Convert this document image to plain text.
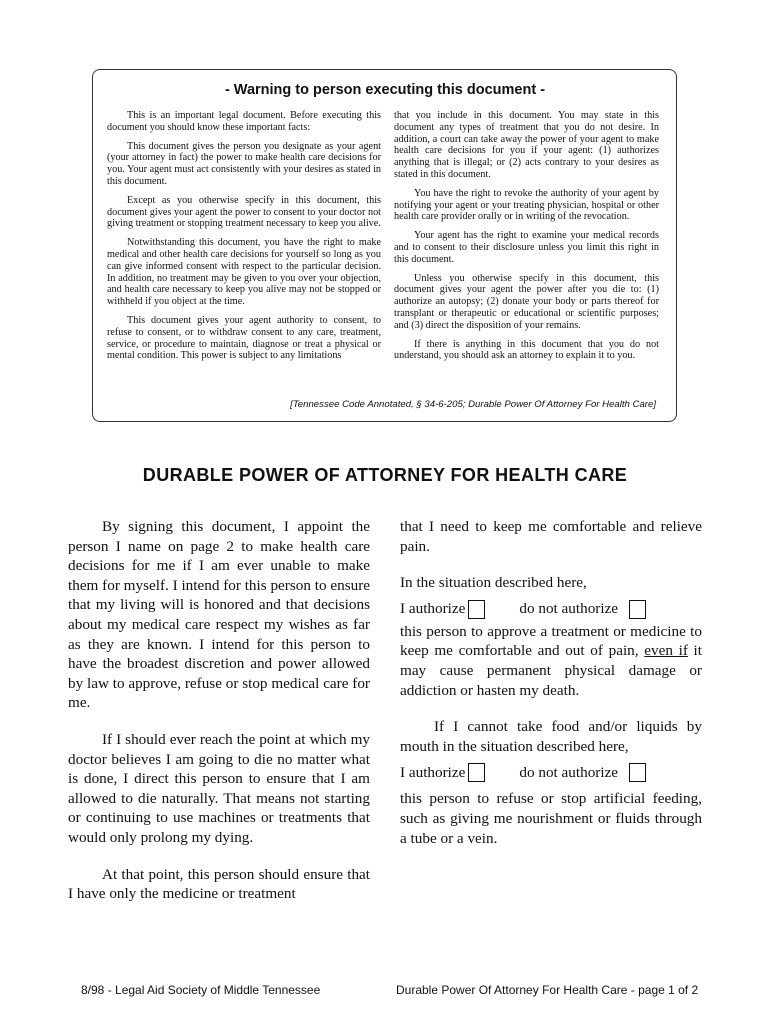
- Warning to person executing this document -

This is an important legal document. Before executing this document you should know these important facts:

This document gives the person you designate as your agent (your attorney in fact) the power to make health care decisions for you. Your agent must act consistently with your desires as stated in this document.

Except as you otherwise specify in this document, this document gives your agent the power to consent to your doctor not giving treatment or stopping treatment necessary to keep you alive.

Notwithstanding this document, you have the right to make medical and other health care decisions for yourself so long as you can give informed consent with respect to the particular decision. In addition, no treatment may be given to you over your objection, and health care necessary to keep you alive may not be stopped or withheld if you object at the time.

This document gives your agent authority to consent, to refuse to consent, or to withdraw consent to any care, treatment, service, or procedure to maintain, diagnose or treat a physical or mental condition. This power is subject to any limitations

that you include in this document. You may state in this document any types of treatment that you do not desire. In addition, a court can take away the power of your agent to make health care decisions for you if your agent: (1) authorizes anything that is illegal; or (2) acts contrary to your desires as stated in this document.

You have the right to revoke the authority of your agent by notifying your agent or your treating physician, hospital or other health care provider orally or in writing of the revocation.

Your agent has the right to examine your medical records and to consent to their disclosure unless you limit this right in this document.

Unless you otherwise specify in this document, this document gives your agent the power after you die to: (1) authorize an autopsy; (2) donate your body or parts thereof for transplant or therapeutic or educational or scientific purposes; and (3) direct the disposition of your remains.

If there is anything in this document that you do not understand, you should ask an attorney to explain it to you.

[Tennessee Code Annotated, § 34-6-205; Durable Power Of Attorney For Health Care]
DURABLE POWER OF ATTORNEY FOR HEALTH CARE

By signing this document, I appoint the person I name on page 2 to make health care decisions for me if I am ever unable to make them for myself. I intend for this person to ensure that my living will is honored and that decisions about my medical care respect my wishes as far as they are known. I intend for this person to have the broadest discretion and power allowed by law to approve, refuse or stop medical care for me.

If I should ever reach the point at which my doctor believes I am going to die no matter what is done, I direct this person to ensure that I am allowed to die naturally. That means not starting or continuing to use machines or treatments that would only prolong my dying.

At that point, this person should ensure that I have only the medicine or treatment

that I need to keep me comfortable and relieve pain.

In the situation described here,

I authorize	do not authorize

this person to approve a treatment or medicine to keep me comfortable and out of pain, even if it may cause permanent physical damage or addiction or hasten my death.

If I cannot take food and/or liquids by mouth in the situation described here,

I authorize	do not authorize

this person to refuse or stop artificial feeding, such as giving me nourishment or fluids through a tube or a vein.

8/98 - Legal Aid Society of Middle Tennessee	Durable Power Of Attorney For Health Care - page 1 of 2
